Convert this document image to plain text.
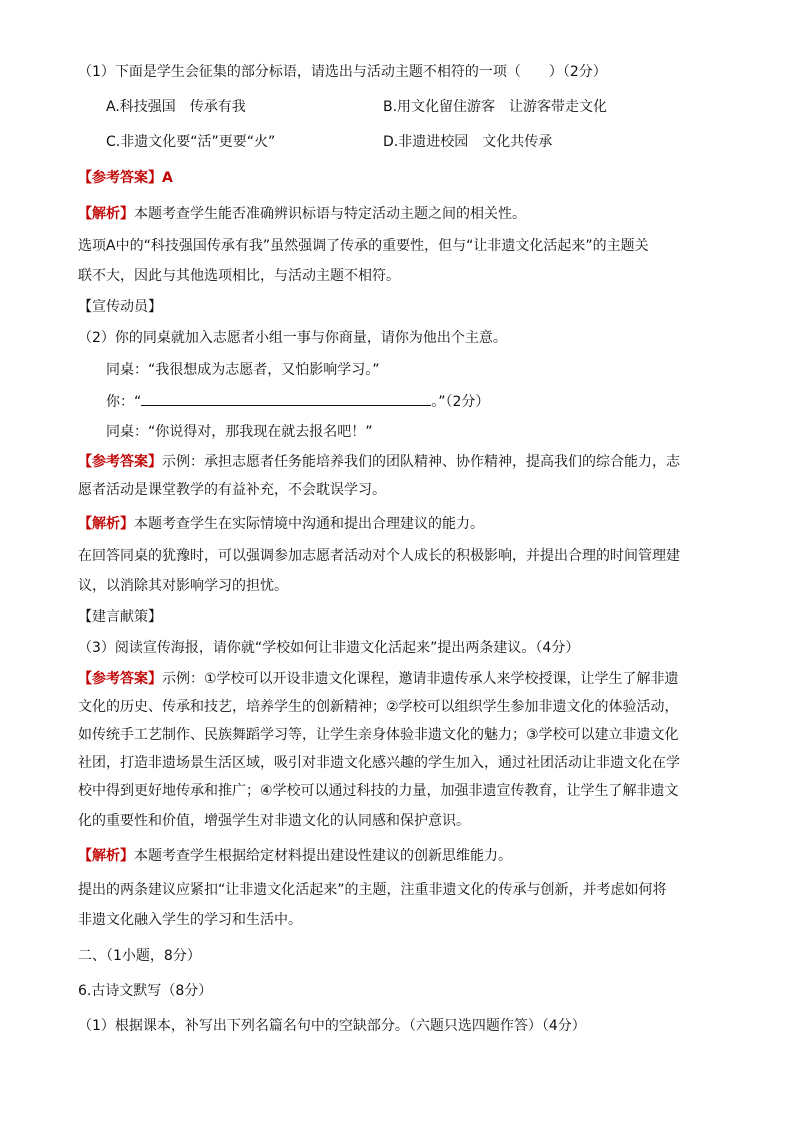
（1）下面是学生会征集的部分标语，请选出与活动主题不相符的一项（　　）（2分）
A.科技强国　传承有我	B.用文化留住游客　让游客带走文化
C.非遗文化要“活”更要“火”	D.非遗进校园　文化共传承
【参考答案】A
【解析】本题考查学生能否准确辨识标语与特定活动主题之间的相关性。
选项A中的“科技强国传承有我”虽然强调了传承的重要性，但与“让非遗文化活起来”的主题关
联不大，因此与其他选项相比，与活动主题不相符。
【宣传动员】
（2）你的同桌就加入志愿者小组一事与你商量，请你为他出个主意。
同桌：“我很想成为志愿者，又怕影响学习。”
你：“	。”（2分）
同桌：“你说得对，那我现在就去报名吧！”
【参考答案】示例：承担志愿者任务能培养我们的团队精神、协作精神，提高我们的综合能力，志
愿者活动是课堂教学的有益补充，不会耽误学习。
【解析】本题考查学生在实际情境中沟通和提出合理建议的能力。
在回答同桌的犹豫时，可以强调参加志愿者活动对个人成长的积极影响，并提出合理的时间管理建
议，以消除其对影响学习的担忧。
【建言献策】
（3）阅读宣传海报，请你就“学校如何让非遗文化活起来”提出两条建议。（4分）
【参考答案】示例：①学校可以开设非遗文化课程，邀请非遗传承人来学校授课，让学生了解非遗
文化的历史、传承和技艺，培养学生的创新精神；②学校可以组织学生参加非遗文化的体验活动，
如传统手工艺制作、民族舞蹈学习等，让学生亲身体验非遗文化的魅力；③学校可以建立非遗文化
社团，打造非遗场景生活区域，吸引对非遗文化感兴趣的学生加入，通过社团活动让非遗文化在学
校中得到更好地传承和推广；④学校可以通过科技的力量，加强非遗宣传教育，让学生了解非遗文
化的重要性和价值，增强学生对非遗文化的认同感和保护意识。
【解析】本题考查学生根据给定材料提出建设性建议的创新思维能力。
提出的两条建议应紧扣“让非遗文化活起来”的主题，注重非遗文化的传承与创新，并考虑如何将
非遗文化融入学生的学习和生活中。
二、（1小题，8分）
6.古诗文默写（8分）
（1）根据课本，补写出下列名篇名句中的空缺部分。（六题只选四题作答）（4分）
